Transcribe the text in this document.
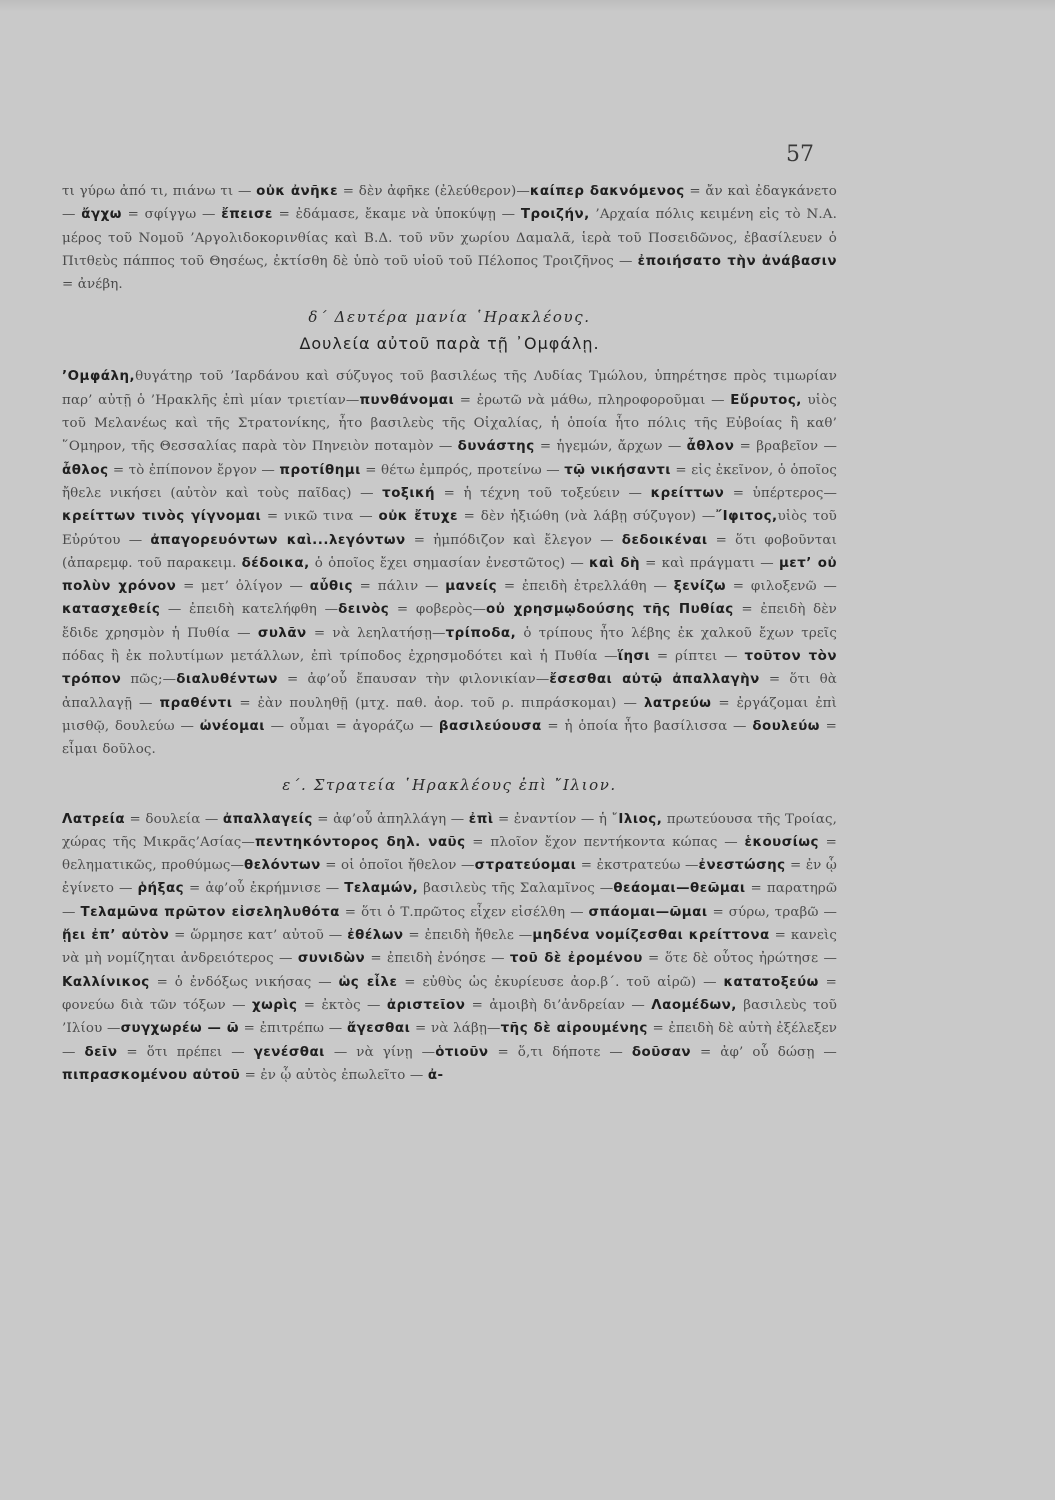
57

τι γύρω ἀπό τι, πιάνω τι — οὐκ ἀνῆκε = δὲν ἀφῆκε (ἐλεύθερον)—καίπερ δακνόμενος = ἄν καὶ ἐδαγκάνετο — ἄγχω = σφίγγω — ἔπεισε = ἐδάμασε, ἔκαμε νὰ ὑποκύψῃ — Τροιζήν, ’Αρχαία πόλις κειμένη εἰς τὸ Ν.Α. μέρος τοῦ Νομοῦ ’Αργολιδοκορινθίας καὶ Β.Δ. τοῦ νῦν χωρίου Δαμαλᾶ, ἱερὰ τοῦ Ποσειδῶνος, ἐβασίλευεν ὁ Πιτθεὺς πάππος τοῦ Θησέως, ἐκτίσθη δὲ ὑπὸ τοῦ υἱοῦ τοῦ Πέλοπος Τροιζῆνος — ἐποιήσατο τὴν ἀνάβασιν = ἀνέβη.

δ΄ Δευτέρα μανία ῾Ηρακλέους.
Δουλεία αὐτοῦ παρὰ τῇ ᾿Ομφάλῃ.

’Ομφάλη,θυγάτηρ τοῦ ’Ιαρδάνου καὶ σύζυγος τοῦ βασιλέως τῆς Λυδίας Τμώλου, ὑπηρέτησε πρὸς τιμωρίαν παρ’ αὐτῇ ὁ ’Ηρακλῆς ἐπὶ μίαν τριετίαν—πυνθάνομαι = ἐρωτῶ νὰ μάθω, πληροφοροῦμαι — Εὔρυτος, υἱὸς τοῦ Μελανέως καὶ τῆς Στρατονίκης, ἦτο βασιλεὺς τῆς Οἰχαλίας, ἡ ὁποία ἦτο πόλις τῆς Εὐβοίας ἢ καθ’ ῞Ομηρον, τῆς Θεσσαλίας παρὰ τὸν Πηνειὸν ποταμὸν — δυνάστης = ἡγεμών, ἄρχων — ἆθλον = βραβεῖον — ἆθλος = τὸ ἐπίπονον ἔργον — προτίθημι = θέτω ἐμπρός, προτείνω — τῷ νικήσαντι = εἰς ἐκεῖνον, ὁ ὁποῖος ἤθελε νικήσει (αὐτὸν καὶ τοὺς παῖδας) — τοξική = ἡ τέχνη τοῦ τοξεύειν — κρείττων = ὑπέρτερος—κρείττων τινὸς γίγνομαι = νικῶ τινα — οὐκ ἔτυχε = δὲν ἠξιώθη (νὰ λάβῃ σύζυγον) —῎Ιφιτος,υἱὸς τοῦ Εὐρύτου — ἀπαγορευόντων καὶ...λεγόντων = ἠμπόδιζον καὶ ἔλεγον — δεδοικέναι = ὅτι φοβοῦνται (ἀπαρεμφ. τοῦ παρακειμ. δέδοικα, ὁ ὁποῖος ἔχει σημασίαν ἐνεστῶτος) — καὶ δὴ = καὶ πράγματι — μετ’ οὐ πολὺν χρόνον = μετ’ ὀλίγον — αὖθις = πάλιν — μανείς = ἐπειδὴ ἐτρελλάθη — ξενίζω = φιλοξενῶ —κατασχεθείς — ἐπειδὴ κατελήφθη —δεινὸς = φοβερὸς—οὐ χρησμῳδούσης τῆς Πυθίας = ἐπειδὴ δὲν ἔδιδε χρησμὸν ἡ Πυθία — συλᾶν = νὰ λεηλατήσῃ—τρίποδα, ὁ τρίπους ἦτο λέβης ἐκ χαλκοῦ ἔχων τρεῖς πόδας ἢ ἐκ πολυτίμων μετάλλων, ἐπὶ τρίποδος ἐχρησμοδότει καὶ ἡ Πυθία —ἵησι = ρίπτει — τοῦτον τὸν τρόπον πῶς;—διαλυθέντων = ἀφ’οὗ ἔπαυσαν τὴν φιλονικίαν—ἔσεσθαι αὐτῷ ἀπαλλαγὴν = ὅτι θὰ ἀπαλλαγῇ — πραθέντι = ἐὰν πουληθῇ (μτχ. παθ. ἀορ. τοῦ ρ. πιπράσκομαι) — λατρεύω = ἐργάζομαι ἐπὶ μισθῷ, δουλεύω — ὠνέομαι — οὖμαι = ἀγοράζω — βασιλεύουσα = ἡ ὁποία ἦτο βασίλισσα — δουλεύω = εἶμαι δοῦλος.

ε΄. Στρατεία ῾Ηρακλέους ἐπὶ ῎Ιλιον.

Λατρεία = δουλεία — ἀπαλλαγείς = ἀφ’οὗ ἀπηλλάγη — ἐπὶ = ἐναντίον — ἡ ῎Ιλιος, πρωτεύουσα τῆς Τροίας, χώρας τῆς Μικρᾶς’Ασίας—πεντηκόντορος δηλ. ναῦς = πλοῖον ἔχον πεντήκοντα κώπας — ἑκουσίως = θεληματικῶς, προθύμως—θελόντων = οἱ ὁποῖοι ἤθελον —στρατεύομαι = ἐκστρατεύω —ἐνεστώσης = ἐν ᾧ ἐγίνετο — ῥήξας = ἀφ’οὗ ἐκρήμνισε — Τελαμών, βασιλεὺς τῆς Σαλαμῖνος —θεάομαι—θεῶμαι = παρατηρῶ— Τελαμῶνα πρῶτον εἰσεληλυθότα = ὅτι ὁ Τ.πρῶτος εἶχεν εἰσέλθη — σπάομαι—ῶμαι = σύρω, τραβῶ — ᾔει ἐπ’ αὐτὸν = ὥρμησε κατ’ αὐτοῦ — ἐθέλων = ἐπειδὴ ἤθελε —μηδένα νομίζεσθαι κρείττονα = κανεὶς νὰ μὴ νομίζηται ἀνδρειότερος — συνιδὼν = ἐπειδὴ ἐνόησε — τοῦ δὲ ἐρομένου = ὅτε δὲ οὗτος ἠρώτησε —Καλλίνικος = ὁ ἐνδόξως νικήσας — ὡς εἶλε = εὐθὺς ὡς ἐκυρίευσε ἀορ.β΄. τοῦ αἱρῶ) — κατατοξεύω = φονεύω διὰ τῶν τόξων — χωρὶς = ἐκτὸς — ἀριστεῖον = ἀμοιβὴ δι’ἀνδρείαν — Λαομέδων, βασιλεὺς τοῦ ’Ιλίου —συγχωρέω — ῶ = ἐπιτρέπω — ἄγεσθαι = νὰ λάβῃ—τῆς δὲ αἱρουμένης = ἐπειδὴ δὲ αὐτὴ ἐξέλεξεν — δεῖν = ὅτι πρέπει — γενέσθαι — νὰ γίνῃ —ὁτιοῦν = ὅ,τι δήποτε — δοῦσαν = ἀφ’ οὗ δώσῃ — πιπρασκομένου αὐτοῦ = ἐν ᾧ αὐτὸς ἐπωλεῖτο — ἀ-
